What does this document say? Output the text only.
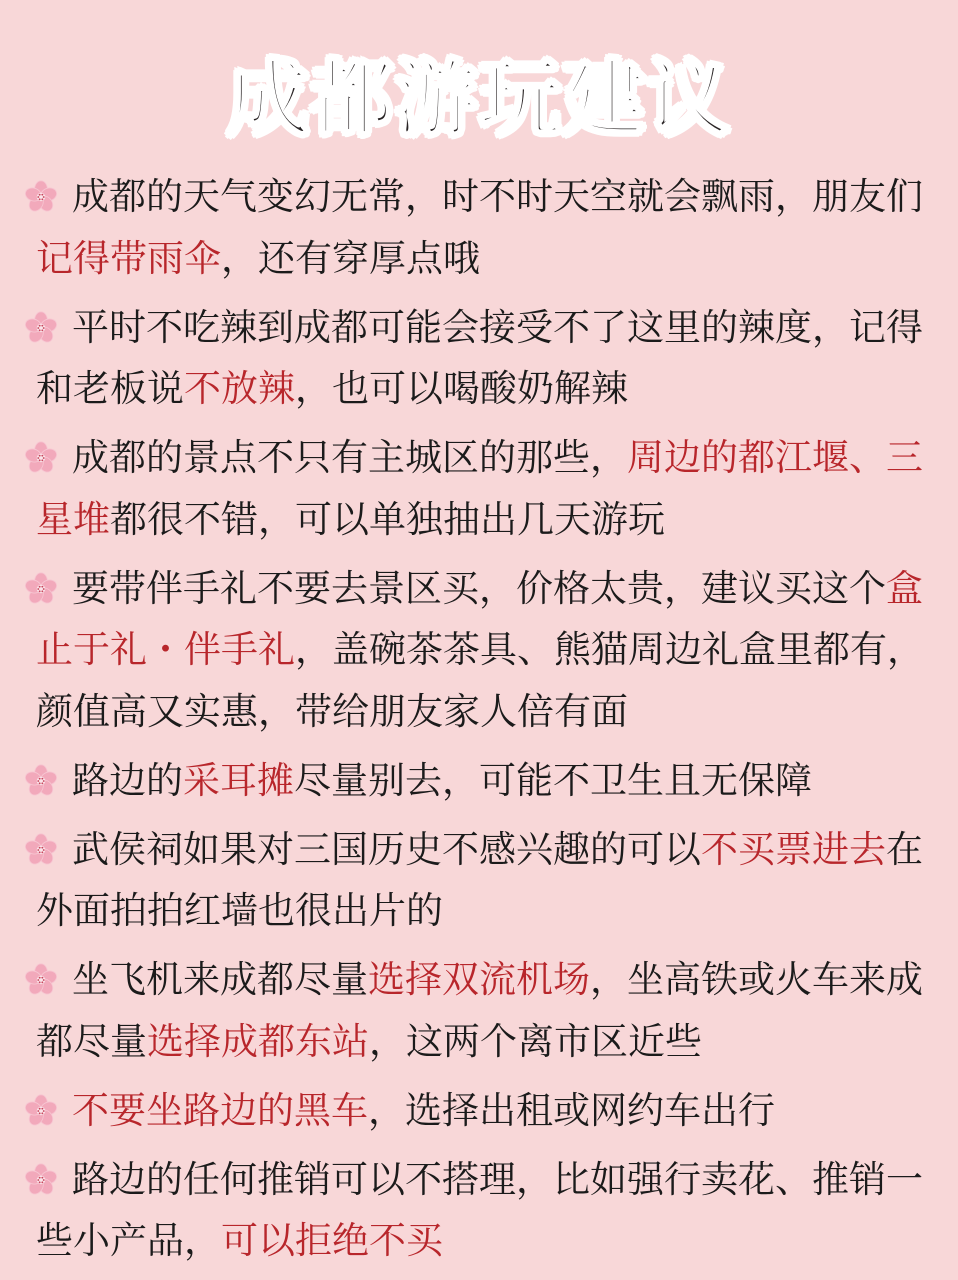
成都游玩建议
成都的天气变幻无常，时不时天空就会飘雨，朋友们记得带雨伞，还有穿厚点哦
平时不吃辣到成都可能会接受不了这里的辣度，记得和老板说不放辣，也可以喝酸奶解辣
成都的景点不只有主城区的那些，周边的都江堰、三星堆都很不错，可以单独抽出几天游玩
要带伴手礼不要去景区买，价格太贵，建议买这个盒止于礼・伴手礼，盖碗茶茶具、熊猫周边礼盒里都有，颜值高又实惠，带给朋友家人倍有面
路边的采耳摊尽量别去，可能不卫生且无保障
武侯祠如果对三国历史不感兴趣的可以不买票进去在外面拍拍红墙也很出片的
坐飞机来成都尽量选择双流机场，坐高铁或火车来成都尽量选择成都东站，这两个离市区近些
不要坐路边的黑车，选择出租或网约车出行
路边的任何推销可以不搭理，比如强行卖花、推销一些小产品，可以拒绝不买
